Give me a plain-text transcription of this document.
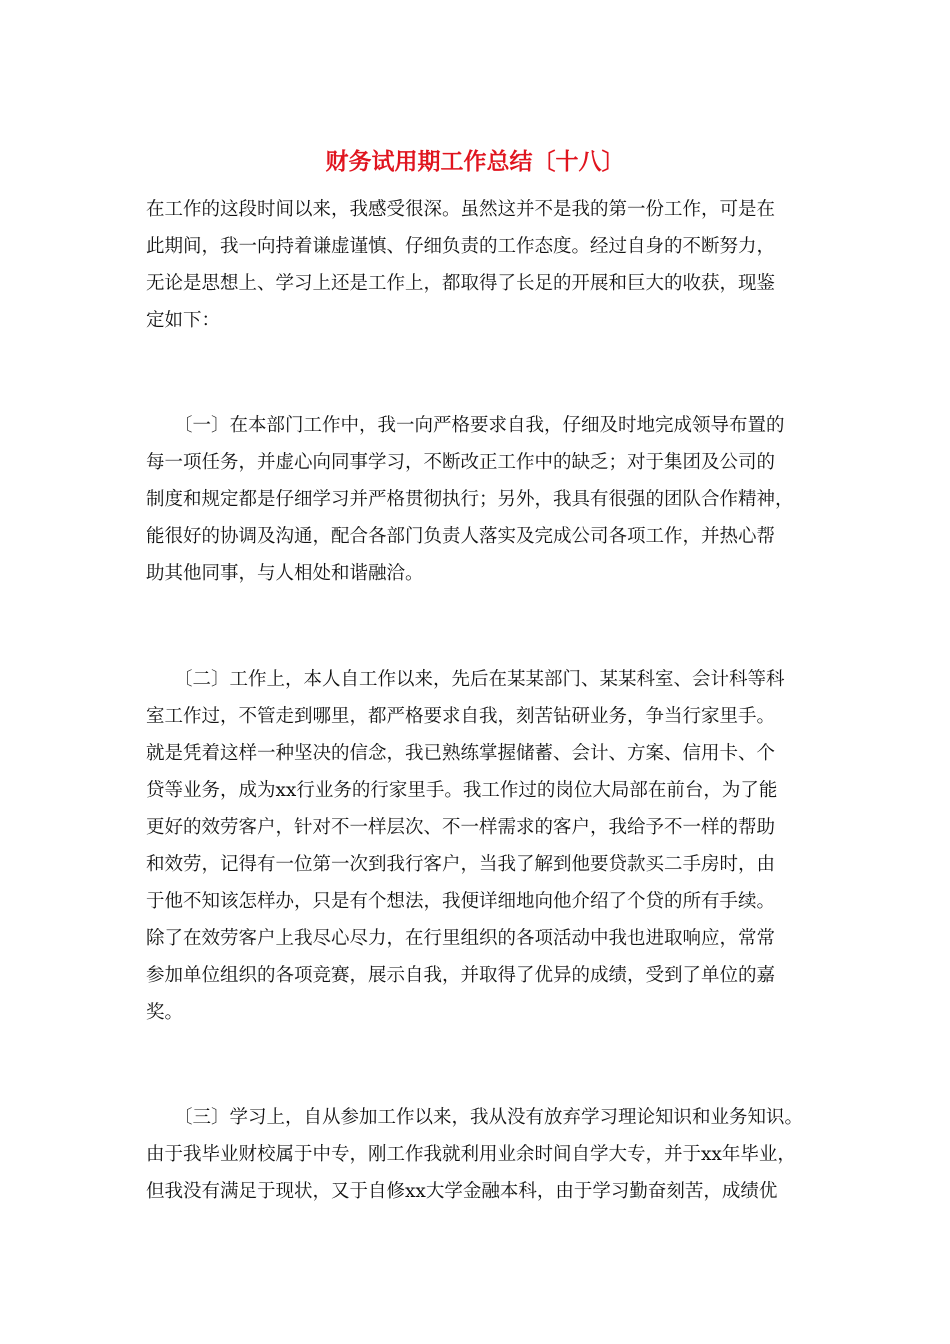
财务试用期工作总结〔十八〕

在工作的这段时间以来，我感受很深。虽然这并不是我的第一份工作，可是在

此期间，我一向持着谦虚谨慎、仔细负责的工作态度。经过自身的不断努力，

无论是思想上、学习上还是工作上，都取得了长足的开展和巨大的收获，现鉴

定如下：

〔一〕在本部门工作中，我一向严格要求自我，仔细及时地完成领导布置的

每一项任务，并虚心向同事学习，不断改正工作中的缺乏；对于集团及公司的

制度和规定都是仔细学习并严格贯彻执行；另外，我具有很强的团队合作精神，

能很好的协调及沟通，配合各部门负责人落实及完成公司各项工作，并热心帮

助其他同事，与人相处和谐融洽。

〔二〕工作上，本人自工作以来，先后在某某部门、某某科室、会计科等科

室工作过，不管走到哪里，都严格要求自我，刻苦钻研业务，争当行家里手。

就是凭着这样一种坚决的信念，我已熟练掌握储蓄、会计、方案、信用卡、个

贷等业务，成为xx行业务的行家里手。我工作过的岗位大局部在前台，为了能

更好的效劳客户，针对不一样层次、不一样需求的客户，我给予不一样的帮助

和效劳，记得有一位第一次到我行客户，当我了解到他要贷款买二手房时，由

于他不知该怎样办，只是有个想法，我便详细地向他介绍了个贷的所有手续。

除了在效劳客户上我尽心尽力，在行里组织的各项活动中我也进取响应，常常

参加单位组织的各项竞赛，展示自我，并取得了优异的成绩，受到了单位的嘉

奖。

〔三〕学习上，自从参加工作以来，我从没有放弃学习理论知识和业务知识。

由于我毕业财校属于中专，刚工作我就利用业余时间自学大专，并于xx年毕业，

但我没有满足于现状，又于自修xx大学金融本科，由于学习勤奋刻苦，成绩优
